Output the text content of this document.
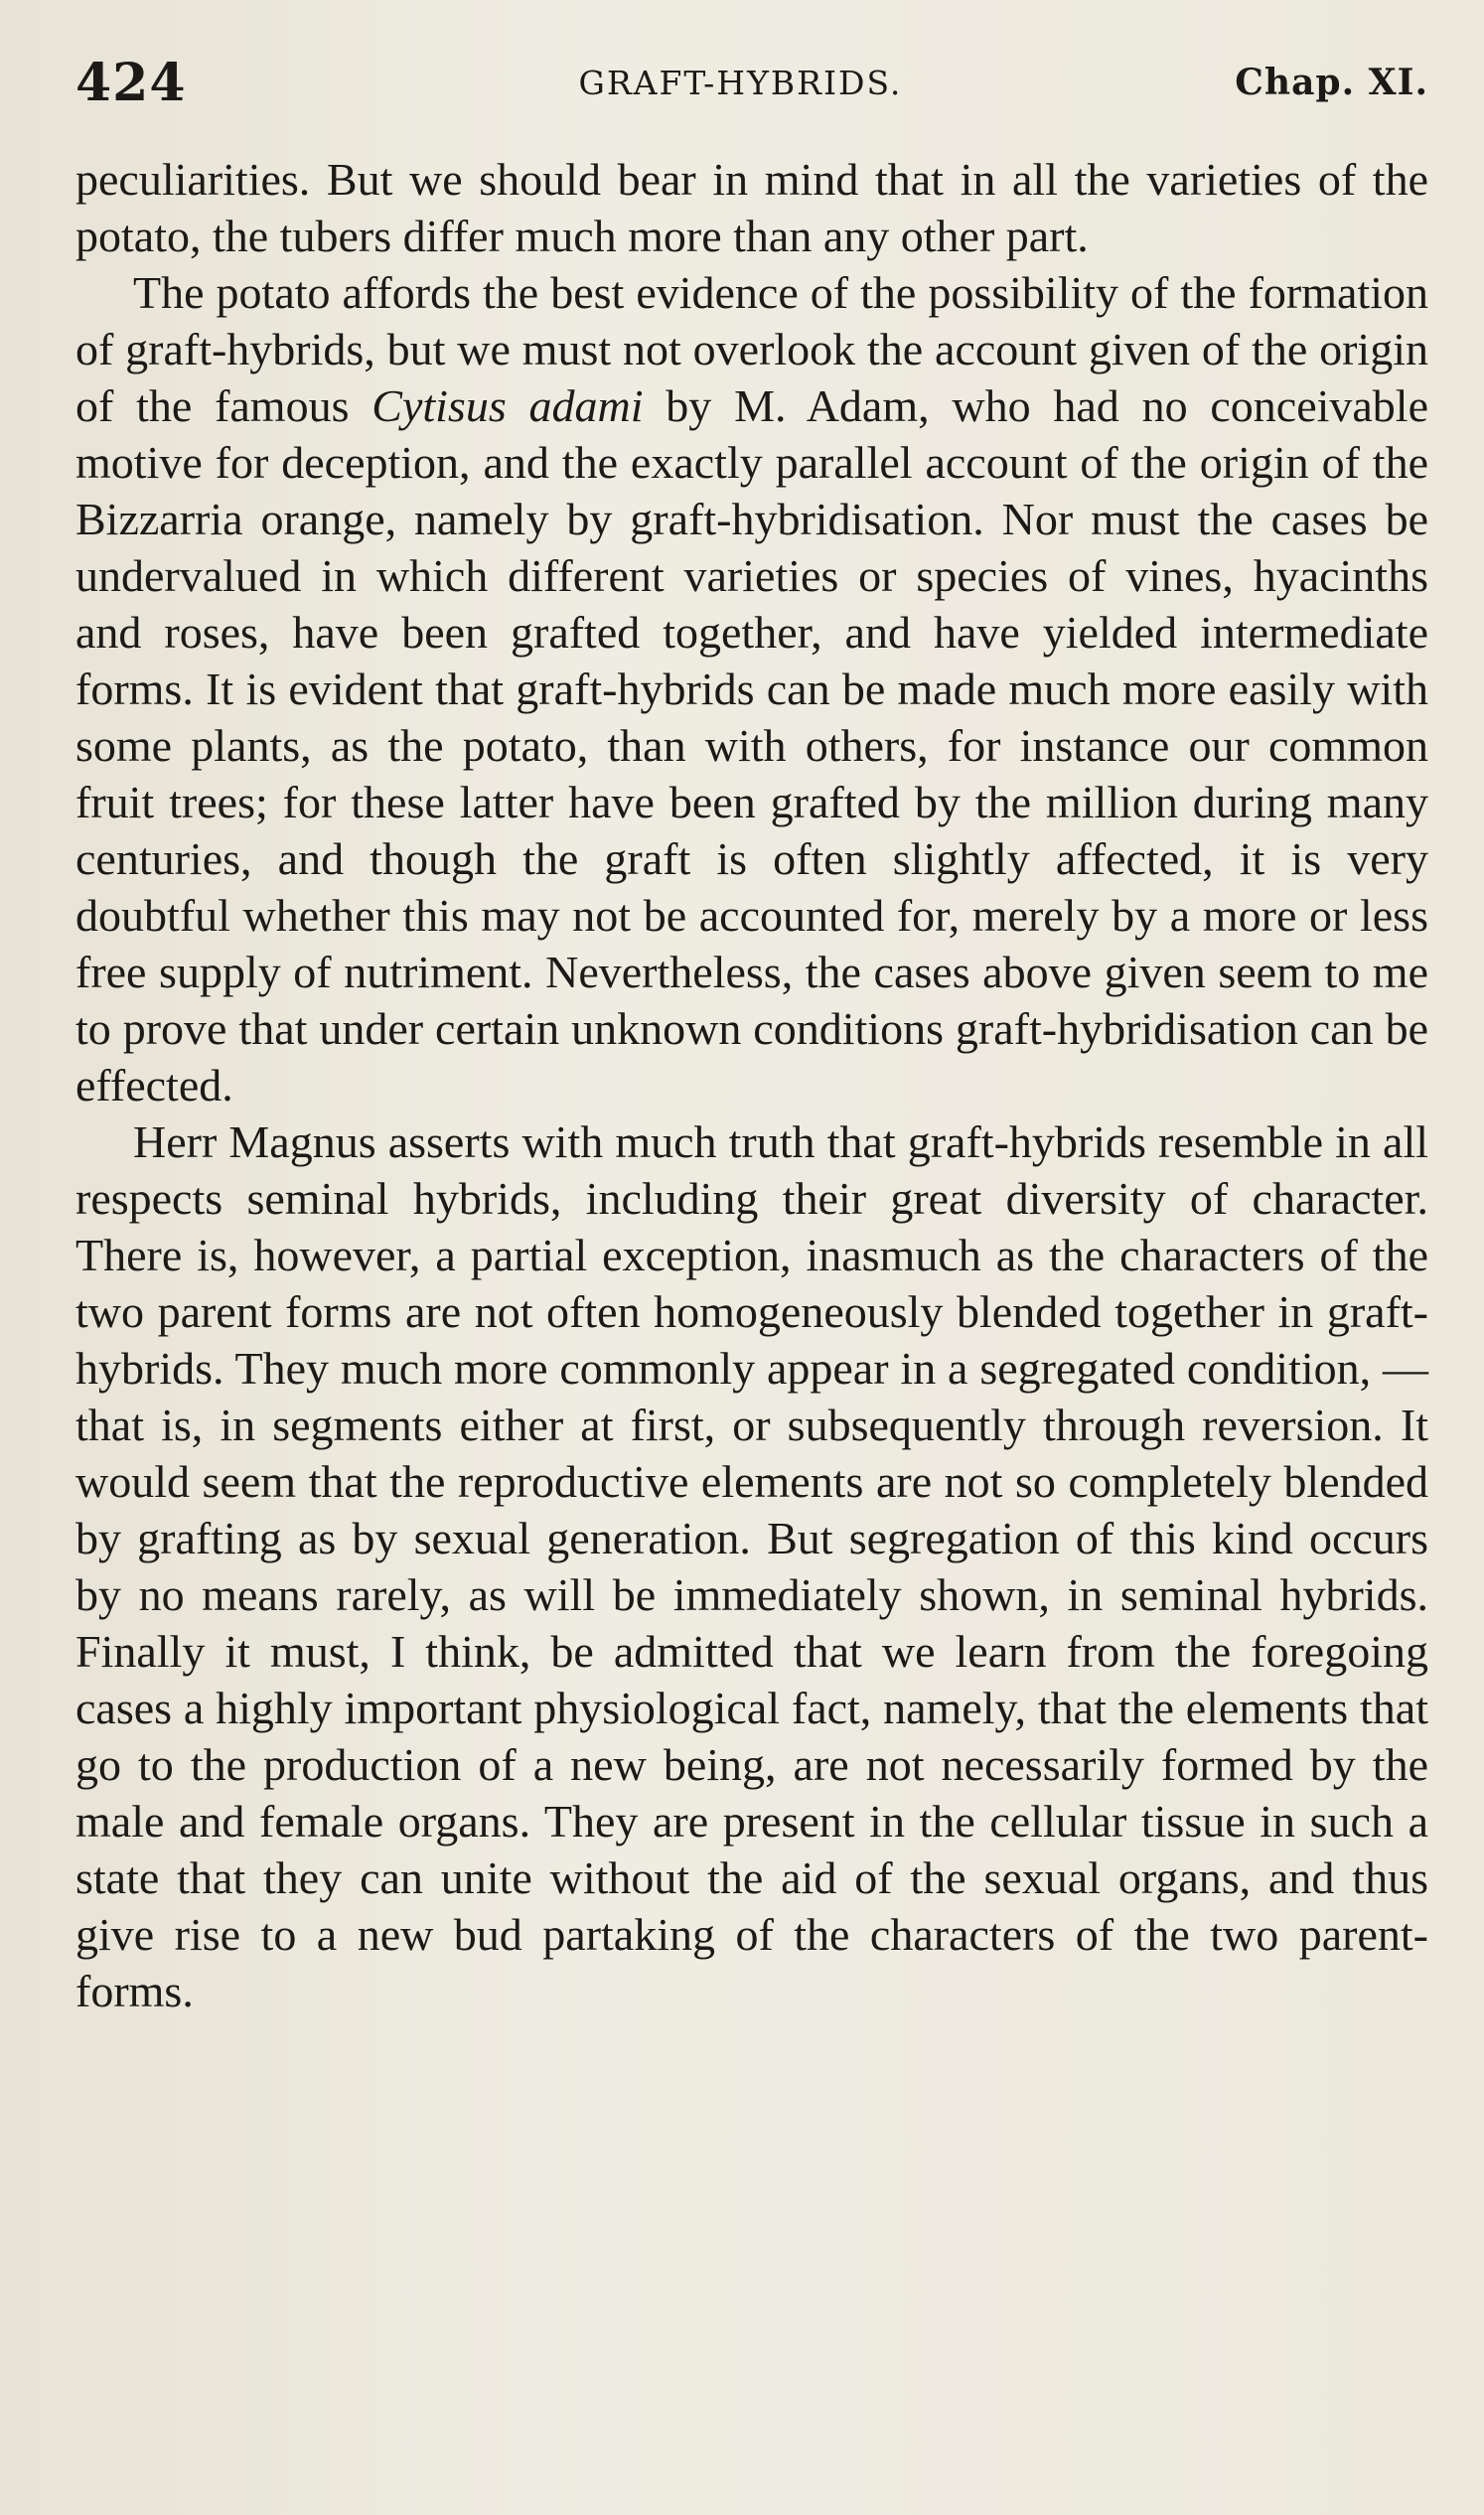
424	GRAFT-HYBRIDS.	Chap. XI.

peculiarities. But we should bear in mind that in all the varieties of the potato, the tubers differ much more than any other part.

The potato affords the best evidence of the possibility of the formation of graft-hybrids, but we must not overlook the account given of the origin of the famous Cytisus adami by M. Adam, who had no conceivable motive for deception, and the exactly parallel account of the origin of the Bizzarria orange, namely by graft-hybridisation. Nor must the cases be undervalued in which different varieties or species of vines, hyacinths and roses, have been grafted together, and have yielded intermediate forms. It is evident that graft-hybrids can be made much more easily with some plants, as the potato, than with others, for instance our common fruit trees; for these latter have been grafted by the million during many centuries, and though the graft is often slightly affected, it is very doubtful whether this may not be accounted for, merely by a more or less free supply of nutriment. Nevertheless, the cases above given seem to me to prove that under certain unknown conditions graft-hybridisation can be effected.

Herr Magnus asserts with much truth that graft-hybrids resemble in all respects seminal hybrids, including their great diversity of character. There is, however, a partial exception, inasmuch as the characters of the two parent forms are not often homogeneously blended together in graft-hybrids. They much more commonly appear in a segregated condition, —that is, in segments either at first, or subsequently through reversion. It would seem that the reproductive elements are not so completely blended by grafting as by sexual generation. But segregation of this kind occurs by no means rarely, as will be immediately shown, in seminal hybrids. Finally it must, I think, be admitted that we learn from the foregoing cases a highly important physiological fact, namely, that the elements that go to the production of a new being, are not necessarily formed by the male and female organs. They are present in the cellular tissue in such a state that they can unite without the aid of the sexual organs, and thus give rise to a new bud partaking of the characters of the two parent-forms.
